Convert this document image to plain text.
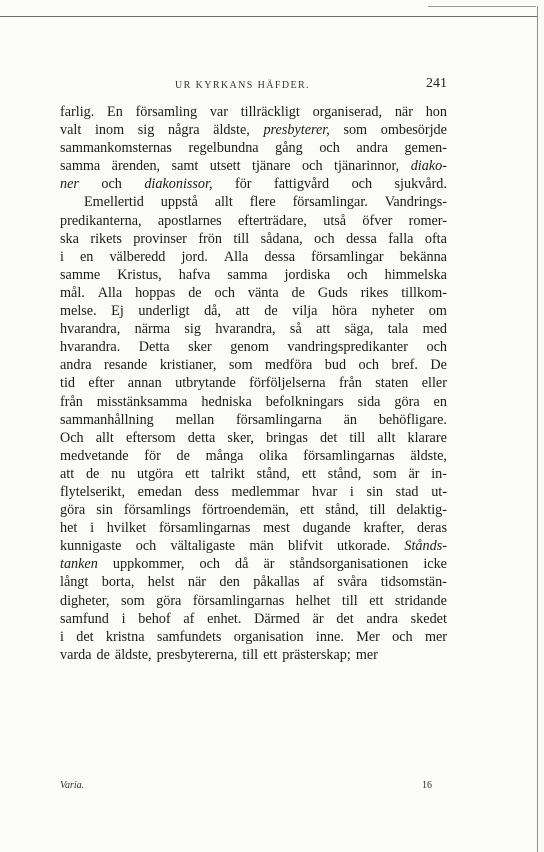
UR KYRKANS HÄFDER.	241
farlig. En församling var tillräckligt organiserad, när hon
valt inom sig några äldste, presbyterer, som ombesörjde
sammankomsternas regelbundna gång och andra gemen-
samma ärenden, samt utsett tjänare och tjänarinnor, diako-
ner och diakonissor, för fattigvård och sjukvård.
Emellertid uppstå allt flere församlingar. Vandrings-
predikanterna, apostlarnes efterträdare, utså öfver romer-
ska rikets provinser frön till sådana, och dessa falla ofta
i en välberedd jord. Alla dessa församlingar bekänna
samme Kristus, hafva samma jordiska och himmelska
mål. Alla hoppas de och vänta de Guds rikes tillkom-
melse. Ej underligt då, att de vilja höra nyheter om
hvarandra, närma sig hvarandra, så att säga, tala med
hvarandra. Detta sker genom vandringspredikanter och
andra resande kristianer, som medföra bud och bref. De
tid efter annan utbrytande förföljelserna från staten eller
från misstänksamma hedniska befolkningars sida göra en
sammanhållning mellan församlingarna än behöfligare.
Och allt eftersom detta sker, bringas det till allt klarare
medvetande för de många olika församlingarnas äldste,
att de nu utgöra ett talrikt stånd, ett stånd, som är in-
flytelserikt, emedan dess medlemmar hvar i sin stad ut-
göra sin församlings förtroendemän, ett stånd, till delaktig-
het i hvilket församlingarnas mest dugande krafter, deras
kunnigaste och vältaligaste män blifvit utkorade. Stånds-
tanken uppkommer, och då är ståndsorganisationen icke
långt borta, helst när den påkallas af svåra tidsomstän-
digheter, som göra församlingarnas helhet till ett stridande
samfund i behof af enhet. Därmed är det andra skedet
i det kristna samfundets organisation inne. Mer och mer
varda de äldste, presbytererna, till ett prästerskap; mer
Varia.	16
